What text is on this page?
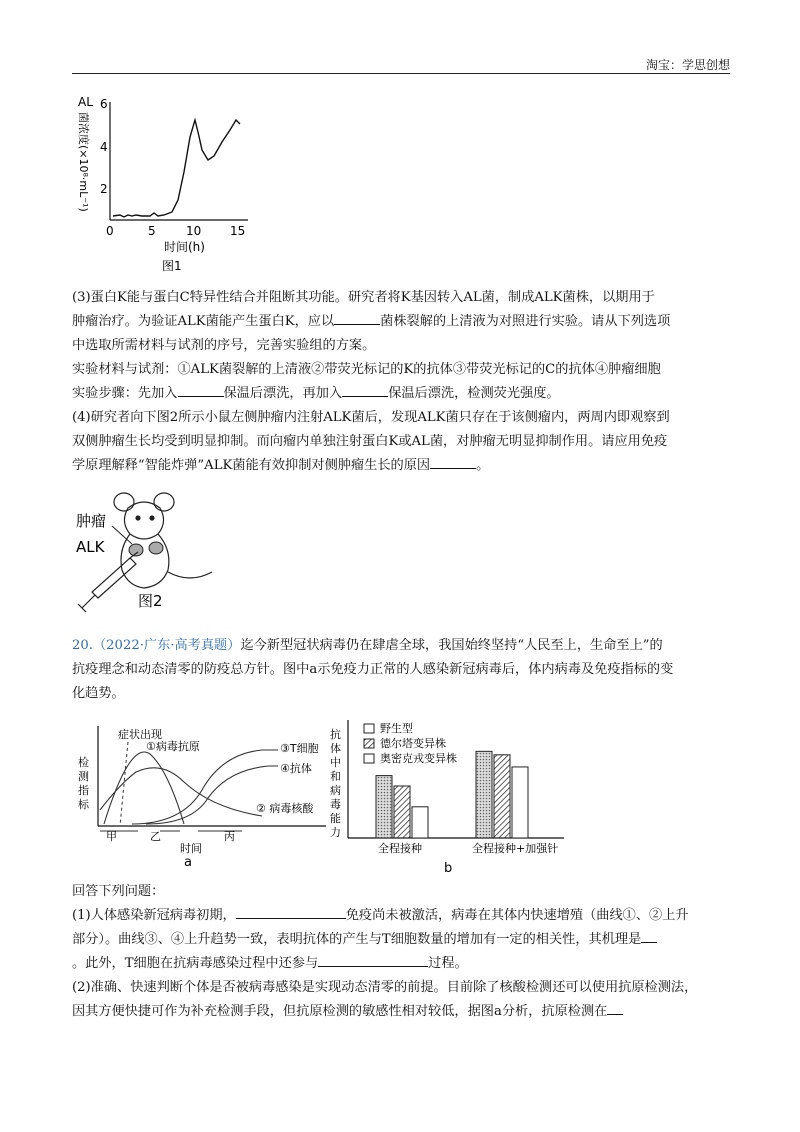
淘宝：学思创想
AL
菌浓度(×10⁸·mL⁻¹)
6
4
2
0	5	10 15
时间(h)
图1

(3)蛋白K能与蛋白C特异性结合并阻断其功能。研究者将K基因转入AL菌，制成ALK菌株，以期用于

肿瘤治疗。为验证ALK菌能产生蛋白K，应以	菌株裂解的上清液为对照进行实验。请从下列选项

中选取所需材料与试剂的序号，完善实验组的方案。

实验材料与试剂：①ALK菌裂解的上清液②带荧光标记的K的抗体③带荧光标记的C的抗体④肿瘤细胞

实验步骤：先加入	保温后漂洗，再加入	保温后漂洗，检测荧光强度。

(4)研究者向下图2所示小鼠左侧肿瘤内注射ALK菌后，发现ALK菌只存在于该侧瘤内，两周内即观察到

双侧肿瘤生长均受到明显抑制。而向瘤内单独注射蛋白K或AL菌，对肿瘤无明显抑制作用。请应用免疫

学原理解释“智能炸弹”ALK菌能有效抑制对侧肿瘤生长的原因	。

肿瘤
ALK
图2

20.（2022·广东·高考真题）迄今新型冠状病毒仍在肆虐全球，我国始终坚持“人民至上，生命至上”的

抗疫理念和动态清零的防疫总方针。图中a示免疫力正常的人感染新冠病毒后，体内病毒及免疫指标的变

化趋势。

检
测
指
标
症状出现
①病毒抗原	③T细胞
④抗体
② 病毒核酸
甲	乙	丙
时间
a
抗
体
中
和
病
毒
能
力
野生型
德尔塔变异株
奥密克戎变异株
全程接种	全程接种+加强针
b

回答下列问题：

(1)人体感染新冠病毒初期，	免疫尚未被激活，病毒在其体内快速增殖（曲线①、②上升

部分）。曲线③、④上升趋势一致，表明抗体的产生与T细胞数量的增加有一定的相关性，其机理是

。此外，T细胞在抗病毒感染过程中还参与	过程。

(2)准确、快速判断个体是否被病毒感染是实现动态清零的前提。目前除了核酸检测还可以使用抗原检测法，

因其方便快捷可作为补充检测手段，但抗原检测的敏感性相对较低，据图a分析，抗原检测在
